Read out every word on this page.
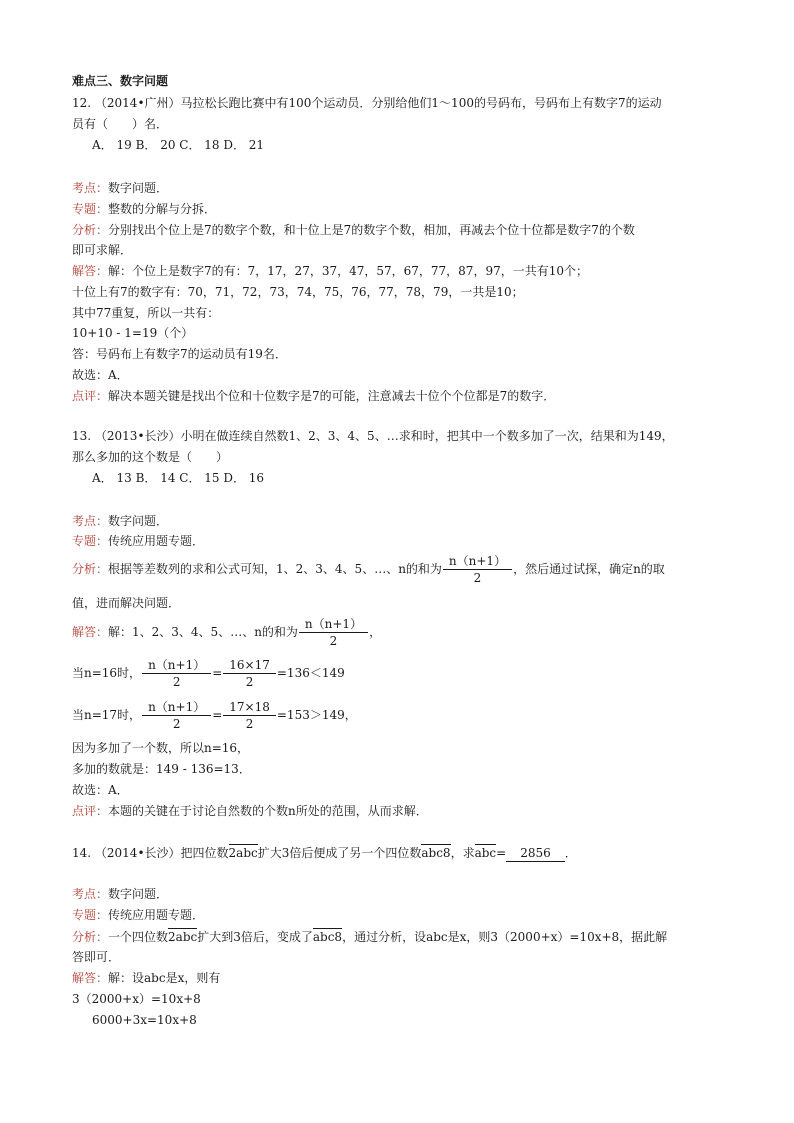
难点三、数字问题
12. （2014•广州）马拉松长跑比赛中有100个运动员．分别给他们1～100的号码布，号码布上有数字7的运动
员有（　　）名．
A． 19 B． 20 C． 18 D． 21
考点：数字问题．
专题：整数的分解与分拆．
分析：分别找出个位上是7的数字个数，和十位上是7的数字个数，相加，再减去个位十位都是数字7的个数
即可求解．
解答：解：个位上是数字7的有：7，17，27，37，47，57，67，77，87，97，一共有10个；
十位上有7的数字有：70，71，72，73，74，75，76，77，78，79，一共是10；
其中77重复，所以一共有：
10+10 - 1=19（个）
答：号码布上有数字7的运动员有19名．
故选：A．
点评：解决本题关键是找出个位和十位数字是7的可能，注意减去十位个个位都是7的数字．
13. （2013•长沙）小明在做连续自然数1、2、3、4、5、…求和时，把其中一个数多加了一次，结果和为149，
那么多加的这个数是（　　）
A． 13 B． 14 C． 15 D． 16
考点：数字问题．
专题：传统应用题专题．
分析：根据等差数列的求和公式可知，1、2、3、4、5、…、n的和为 $\frac{n(n+1)}{2}$ ，然后通过试探，确定n的取
值，进而解决问题．
解答：解：1、2、3、4、5、…、n的和为 $\frac{n(n+1)}{2}$ ，
当n=16时， $\frac{n(n+1)}{2} = \frac{16\times 17}{2} =136<149$
当n=17时， $\frac{n(n+1)}{2} = \frac{17\times 18}{2} =153>149$，
因为多加了一个数，所以n=16，
多加的数就是：149 - 136=13．
故选：A．
点评：本题的关键在于讨论自然数的个数n所处的范围，从而求解．
14. （2014•长沙）把四位数2abc扩大3倍后便成了另一个四位数abc8，求abc= 2856 ．
考点：数字问题．
专题：传统应用题专题．
分析：一个四位数2abc扩大到3倍后，变成了abc8，通过分析，设abc是x，则3（2000+x）=10x+8，据此解
答即可．
解答：解：设abc是x，则有
3（2000+x）=10x+8
6000+3x=10x+8
